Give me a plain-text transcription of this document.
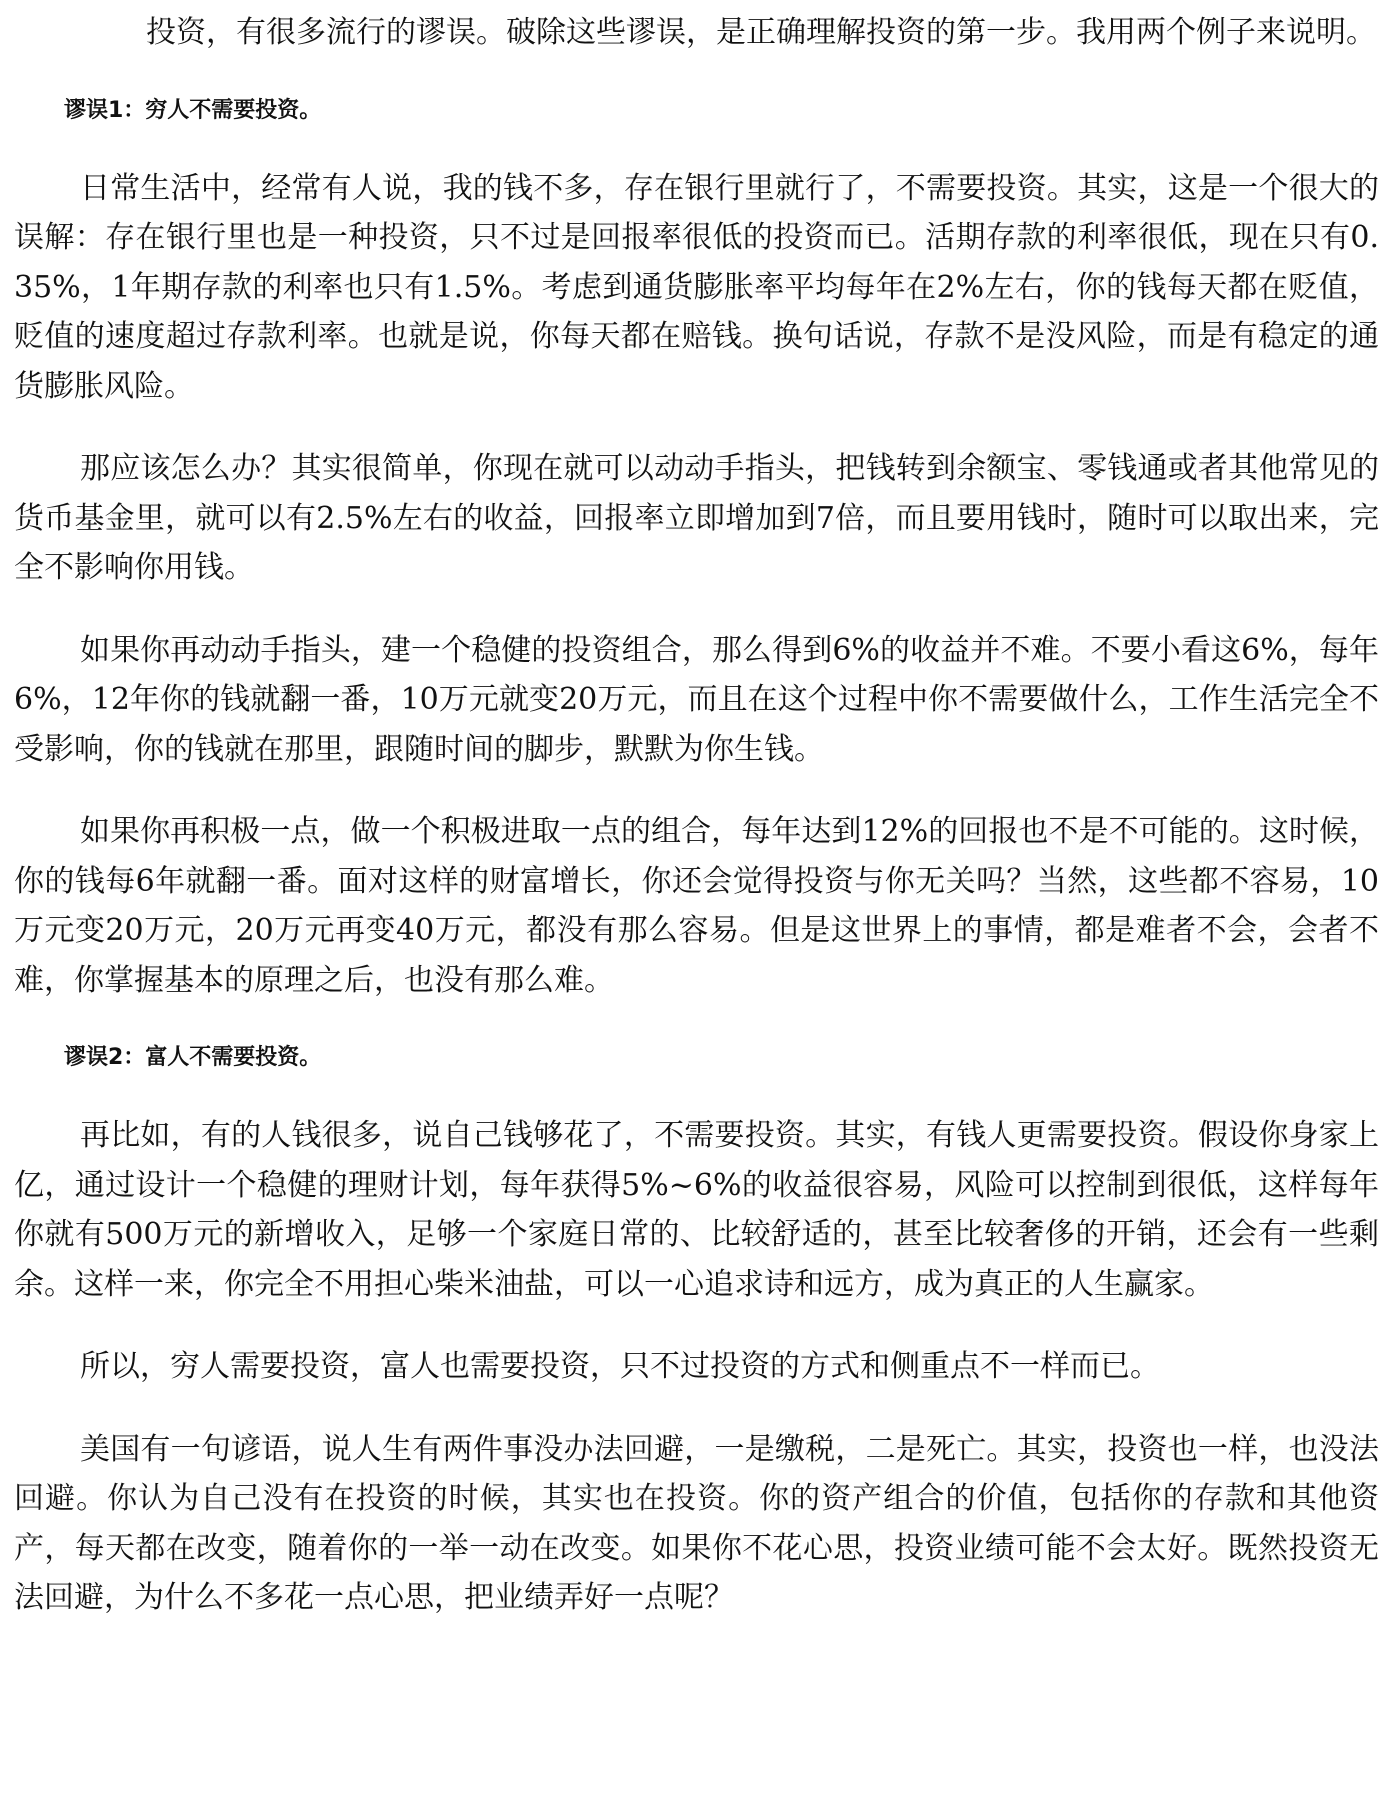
投资，有很多流行的谬误。破除这些谬误，是正确理解投资的第一步。我用两个例子来说明。

谬误1：穷人不需要投资。

日常生活中，经常有人说，我的钱不多，存在银行里就行了，不需要投资。其实，这是一个很大的误解：存在银行里也是一种投资，只不过是回报率很低的投资而已。活期存款的利率很低，现在只有0.35%，1年期存款的利率也只有1.5%。考虑到通货膨胀率平均每年在2%左右，你的钱每天都在贬值，贬值的速度超过存款利率。也就是说，你每天都在赔钱。换句话说，存款不是没风险，而是有稳定的通货膨胀风险。

那应该怎么办？其实很简单，你现在就可以动动手指头，把钱转到余额宝、零钱通或者其他常见的货币基金里，就可以有2.5%左右的收益，回报率立即增加到7倍，而且要用钱时，随时可以取出来，完全不影响你用钱。

如果你再动动手指头，建一个稳健的投资组合，那么得到6%的收益并不难。不要小看这6%，每年6%，12年你的钱就翻一番，10万元就变20万元，而且在这个过程中你不需要做什么，工作生活完全不受影响，你的钱就在那里，跟随时间的脚步，默默为你生钱。

如果你再积极一点，做一个积极进取一点的组合，每年达到12%的回报也不是不可能的。这时候，你的钱每6年就翻一番。面对这样的财富增长，你还会觉得投资与你无关吗？当然，这些都不容易，10万元变20万元，20万元再变40万元，都没有那么容易。但是这世界上的事情，都是难者不会，会者不难，你掌握基本的原理之后，也没有那么难。

谬误2：富人不需要投资。

再比如，有的人钱很多，说自己钱够花了，不需要投资。其实，有钱人更需要投资。假设你身家上亿，通过设计一个稳健的理财计划，每年获得5%~6%的收益很容易，风险可以控制到很低，这样每年你就有500万元的新增收入，足够一个家庭日常的、比较舒适的，甚至比较奢侈的开销，还会有一些剩余。这样一来，你完全不用担心柴米油盐，可以一心追求诗和远方，成为真正的人生赢家。

所以，穷人需要投资，富人也需要投资，只不过投资的方式和侧重点不一样而已。

美国有一句谚语，说人生有两件事没办法回避，一是缴税，二是死亡。其实，投资也一样，也没法回避。你认为自己没有在投资的时候，其实也在投资。你的资产组合的价值，包括你的存款和其他资产，每天都在改变，随着你的一举一动在改变。如果你不花心思，投资业绩可能不会太好。既然投资无法回避，为什么不多花一点心思，把业绩弄好一点呢？
